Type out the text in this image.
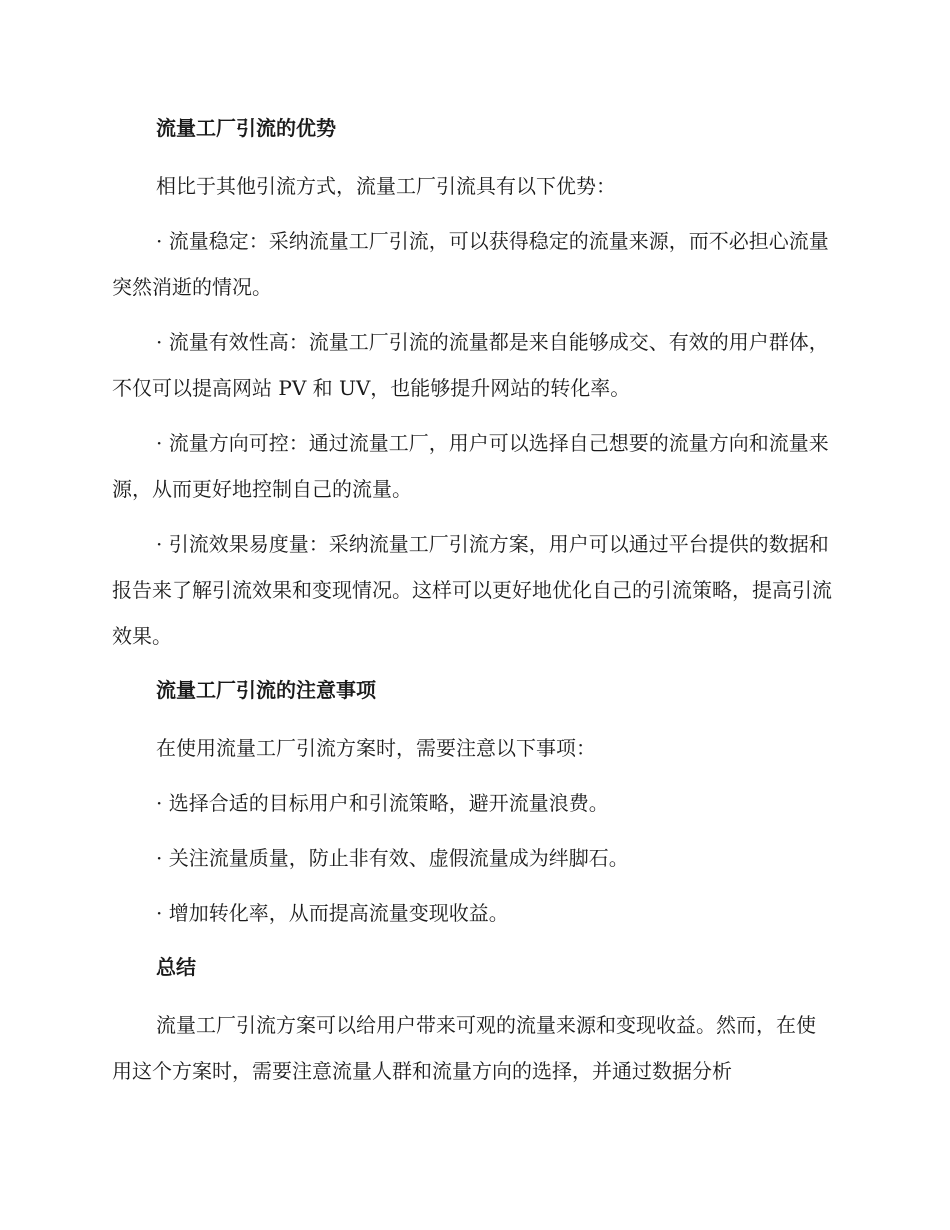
流量工厂引流的优势

相比于其他引流方式，流量工厂引流具有以下优势：

· 流量稳定：采纳流量工厂引流，可以获得稳定的流量来源，而不必担心流量突然消逝的情况。

· 流量有效性高：流量工厂引流的流量都是来自能够成交、有效的用户群体，不仅可以提高网站 PV 和 UV，也能够提升网站的转化率。

· 流量方向可控：通过流量工厂，用户可以选择自己想要的流量方向和流量来源，从而更好地控制自己的流量。

· 引流效果易度量：采纳流量工厂引流方案，用户可以通过平台提供的数据和报告来了解引流效果和变现情况。这样可以更好地优化自己的引流策略，提高引流效果。

流量工厂引流的注意事项

在使用流量工厂引流方案时，需要注意以下事项：

· 选择合适的目标用户和引流策略，避开流量浪费。

· 关注流量质量，防止非有效、虚假流量成为绊脚石。

· 增加转化率，从而提高流量变现收益。

总结

流量工厂引流方案可以给用户带来可观的流量来源和变现收益。然而，在使用这个方案时，需要注意流量人群和流量方向的选择，并通过数据分析
